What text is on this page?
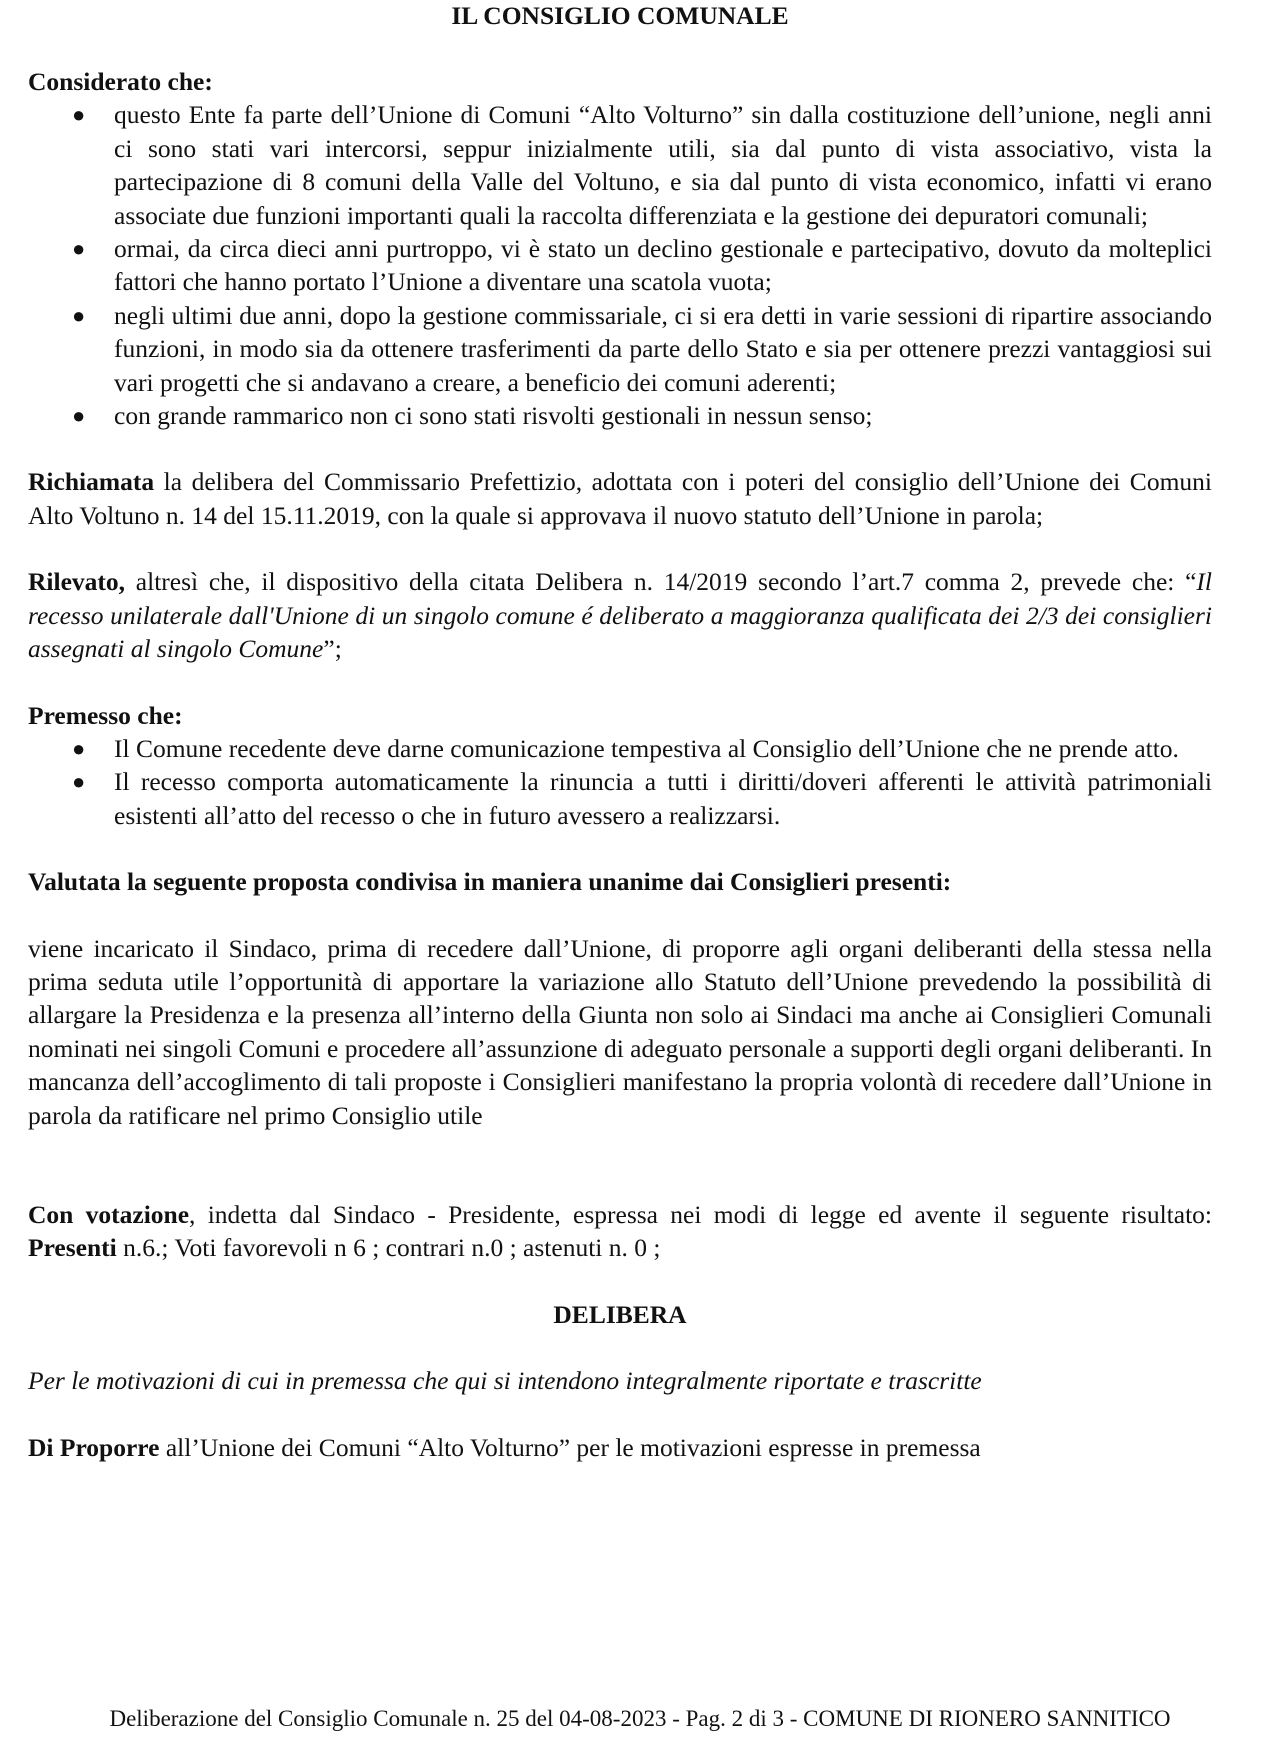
IL CONSIGLIO COMUNALE
Considerato che:
● questo Ente fa parte dell’Unione di Comuni “Alto Volturno” sin dalla costituzione dell’unione, negli anni ci sono stati vari intercorsi, seppur inizialmente utili, sia dal punto di vista associativo, vista la partecipazione di 8 comuni della Valle del Voltuno, e sia dal punto di vista economico, infatti vi erano associate due funzioni importanti quali la raccolta differenziata e la gestione dei depuratori comunali;
● ormai, da circa dieci anni purtroppo, vi è stato un declino gestionale e partecipativo, dovuto da molteplici fattori che hanno portato l’Unione a diventare una scatola vuota;
● negli ultimi due anni, dopo la gestione commissariale, ci si era detti in varie sessioni di ripartire associando funzioni, in modo sia da ottenere trasferimenti da parte dello Stato e sia per ottenere prezzi vantaggiosi sui vari progetti che si andavano a creare, a beneficio dei comuni aderenti;
● con grande rammarico non ci sono stati risvolti gestionali in nessun senso;

Richiamata la delibera del Commissario Prefettizio, adottata con i poteri del consiglio dell’Unione dei Comuni Alto Voltuno n. 14 del 15.11.2019, con la quale si approvava il nuovo statuto dell’Unione in parola;

Rilevato, altresì che, il dispositivo della citata Delibera n. 14/2019 secondo l’art.7 comma 2, prevede che: “Il recesso unilaterale dall'Unione di un singolo comune é deliberato a maggioranza qualificata dei 2/3 dei consiglieri assegnati al singolo Comune”;

Premesso che:
● Il Comune recedente deve darne comunicazione tempestiva al Consiglio dell’Unione che ne prende atto.
● Il recesso comporta automaticamente la rinuncia a tutti i diritti/doveri afferenti le attività patrimoniali esistenti all’atto del recesso o che in futuro avessero a realizzarsi.
Valutata la seguente proposta condivisa in maniera unanime dai Consiglieri presenti:

viene incaricato il Sindaco, prima di recedere dall’Unione, di proporre agli organi deliberanti della stessa nella prima seduta utile l’opportunità di apportare la variazione allo Statuto dell’Unione prevedendo la possibilità di allargare la Presidenza e la presenza all’interno della Giunta non solo ai Sindaci ma anche ai Consiglieri Comunali nominati nei singoli Comuni e procedere all’assunzione di adeguato personale a supporti degli organi deliberanti. In mancanza dell’accoglimento di tali proposte i Consiglieri manifestano la propria volontà di recedere dall’Unione in parola da ratificare nel primo Consiglio utile

Con votazione, indetta dal Sindaco - Presidente, espressa nei modi di legge ed avente il seguente risultato: Presenti n.6.; Voti favorevoli n 6 ; contrari n.0 ; astenuti n. 0 ;

DELIBERA

Per le motivazioni di cui in premessa che qui si intendono integralmente riportate e trascritte

Di Proporre all’Unione dei Comuni “Alto Volturno” per le motivazioni espresse in premessa

Deliberazione del Consiglio Comunale n. 25 del 04-08-2023 - Pag. 2 di 3 - COMUNE DI RIONERO SANNITICO
